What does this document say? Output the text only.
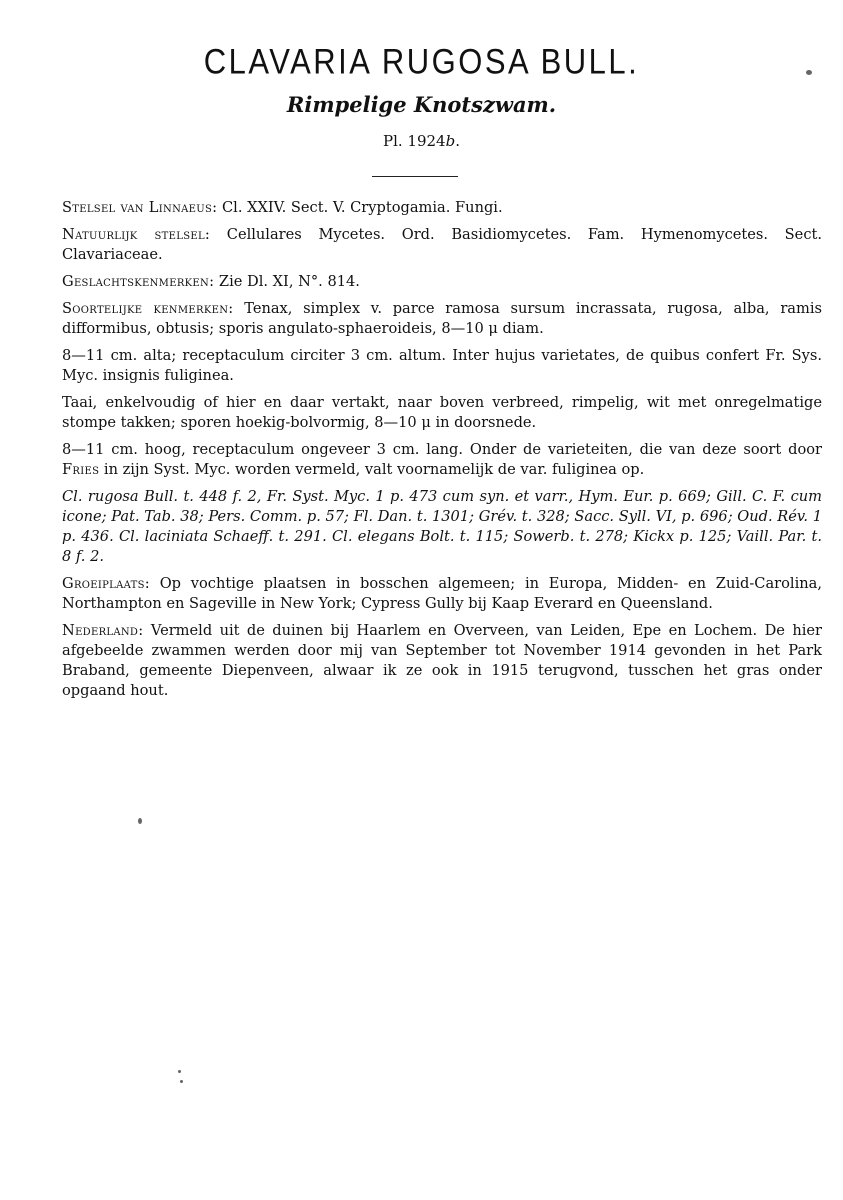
CLAVARIA RUGOSA BULL.
Rimpelige Knotszwam.
Pl. 1924b.

Stelsel van Linnaeus: Cl. XXIV. Sect. V. Cryptogamia. Fungi.

Natuurlijk stelsel: Cellulares Mycetes. Ord. Basidiomycetes. Fam. Hymenomycetes. Sect. Clavariaceae.

Geslachtskenmerken: Zie Dl. XI, N°. 814.

Soortelijke kenmerken: Tenax, simplex v. parce ramosa sursum incrassata, rugosa, alba, ramis difformibus, obtusis; sporis angulato-sphaeroideis, 8—10 μ diam.

8—11 cm. alta; receptaculum circiter 3 cm. altum. Inter hujus varietates, de quibus confert Fr. Sys. Myc. insignis fuliginea.

Taai, enkelvoudig of hier en daar vertakt, naar boven verbreed, rimpelig, wit met onregelmatige stompe takken; sporen hoekig-bolvormig, 8—10 μ in doorsnede.

8—11 cm. hoog, receptaculum ongeveer 3 cm. lang. Onder de varieteiten, die van deze soort door Fries in zijn Syst. Myc. worden vermeld, valt voornamelijk de var. fuliginea op.

Cl. rugosa Bull. t. 448 f. 2, Fr. Syst. Myc. 1 p. 473 cum syn. et varr., Hym. Eur. p. 669; Gill. C. F. cum icone; Pat. Tab. 38; Pers. Comm. p. 57; Fl. Dan. t. 1301; Grév. t. 328; Sacc. Syll. VI, p. 696; Oud. Rév. 1 p. 436. Cl. laciniata Schaeff. t. 291. Cl. elegans Bolt. t. 115; Sowerb. t. 278; Kickx p. 125; Vaill. Par. t. 8 f. 2.

Groeiplaats: Op vochtige plaatsen in bosschen algemeen; in Europa, Midden- en Zuid-Carolina, Northampton en Sageville in New York; Cypress Gully bij Kaap Everard en Queensland.

Nederland: Vermeld uit de duinen bij Haarlem en Overveen, van Leiden, Epe en Lochem. De hier afgebeelde zwammen werden door mij van September tot November 1914 gevonden in het Park Braband, gemeente Diepenveen, alwaar ik ze ook in 1915 terugvond, tusschen het gras onder opgaand hout.
